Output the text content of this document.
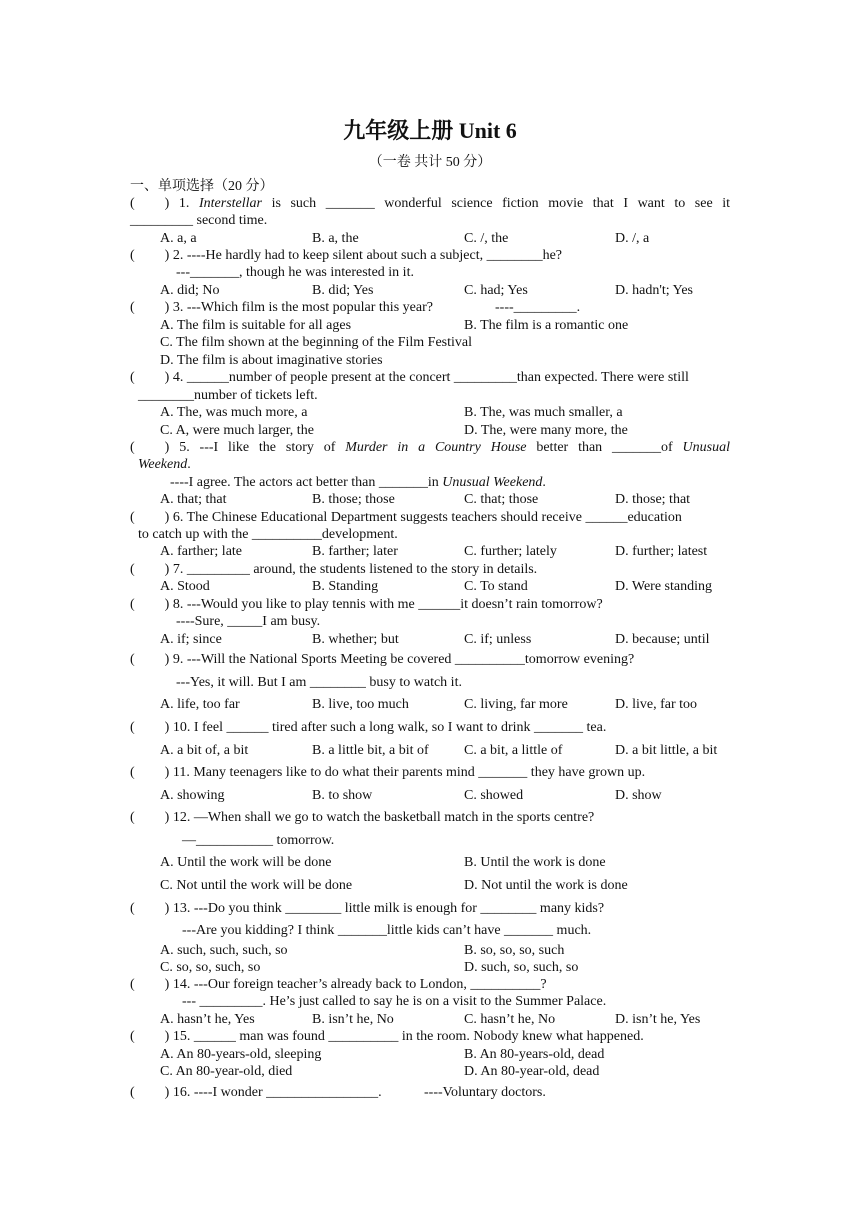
九年级上册 Unit 6
（一卷 共计 50 分）
一、单项选择（20 分）
( ) 1. Interstellar is such _______ wonderful science fiction movie that I want to see it
_________ second time.
A. a, a	B. a, the	C. /, the	D. /, a
( ) 2. ----He hardly had to keep silent about such a subject, ________he?
---_______, though he was interested in it.
A. did; No	B. did; Yes	C. had; Yes	D. hadn't; Yes
( ) 3. ---Which film is the most popular this year?	----_________.
A. The film is suitable for all ages	B. The film is a romantic one
C. The film shown at the beginning of the Film Festival
D. The film is about imaginative stories
( ) 4. ______number of people present at the concert _________than expected. There were still
________number of tickets left.
A. The, was much more, a	B. The, was much smaller, a
C. A, were much larger, the	D. The, were many more, the
( ) 5. ---I like the story of Murder in a Country House better than _______of Unusual
Weekend.
----I agree. The actors act better than _______in Unusual Weekend.
A. that; that	B. those; those	C. that; those	D. those; that
( ) 6. The Chinese Educational Department suggests teachers should receive ______education
to catch up with the __________development.
A. farther; late	B. farther; later	C. further; lately	D. further; latest
( ) 7. _________ around, the students listened to the story in details.
A. Stood	B. Standing	C. To stand	D. Were standing
( ) 8. ---Would you like to play tennis with me ______it doesn’t rain tomorrow?
----Sure, _____I am busy.
A. if; since	B. whether; but	C. if; unless	D. because; until
( ) 9. ---Will the National Sports Meeting be covered __________tomorrow evening?
---Yes, it will. But I am ________ busy to watch it.
A. life, too far	B. live, too much	C. living, far more	D. live, far too
( ) 10. I feel ______ tired after such a long walk, so I want to drink _______ tea.
A. a bit of, a bit	B. a little bit, a bit of	C. a bit, a little of	D. a bit little, a bit
( ) 11. Many teenagers like to do what their parents mind _______ they have grown up.
A. showing	B. to show	C. showed	D. show
( ) 12. —When shall we go to watch the basketball match in the sports centre?
—___________ tomorrow.
A. Until the work will be done	B. Until the work is done
C. Not until the work will be done	D. Not until the work is done
( ) 13. ---Do you think ________ little milk is enough for ________ many kids?
---Are you kidding? I think _______little kids can’t have _______ much.
A. such, such, such, so	B. so, so, so, such
C. so, so, such, so	D. such, so, such, so
( ) 14. ---Our foreign teacher’s already back to London, __________?
--- _________. He’s just called to say he is on a visit to the Summer Palace.
A. hasn’t he, Yes	B. isn’t he, No	C. hasn’t he, No	D. isn’t he, Yes
( ) 15. ______ man was found __________ in the room. Nobody knew what happened.
A. An 80-years-old, sleeping	B. An 80-years-old, dead
C. An 80-year-old, died	D. An 80-year-old, dead
( ) 16. ----I wonder ________________.	----Voluntary doctors.
